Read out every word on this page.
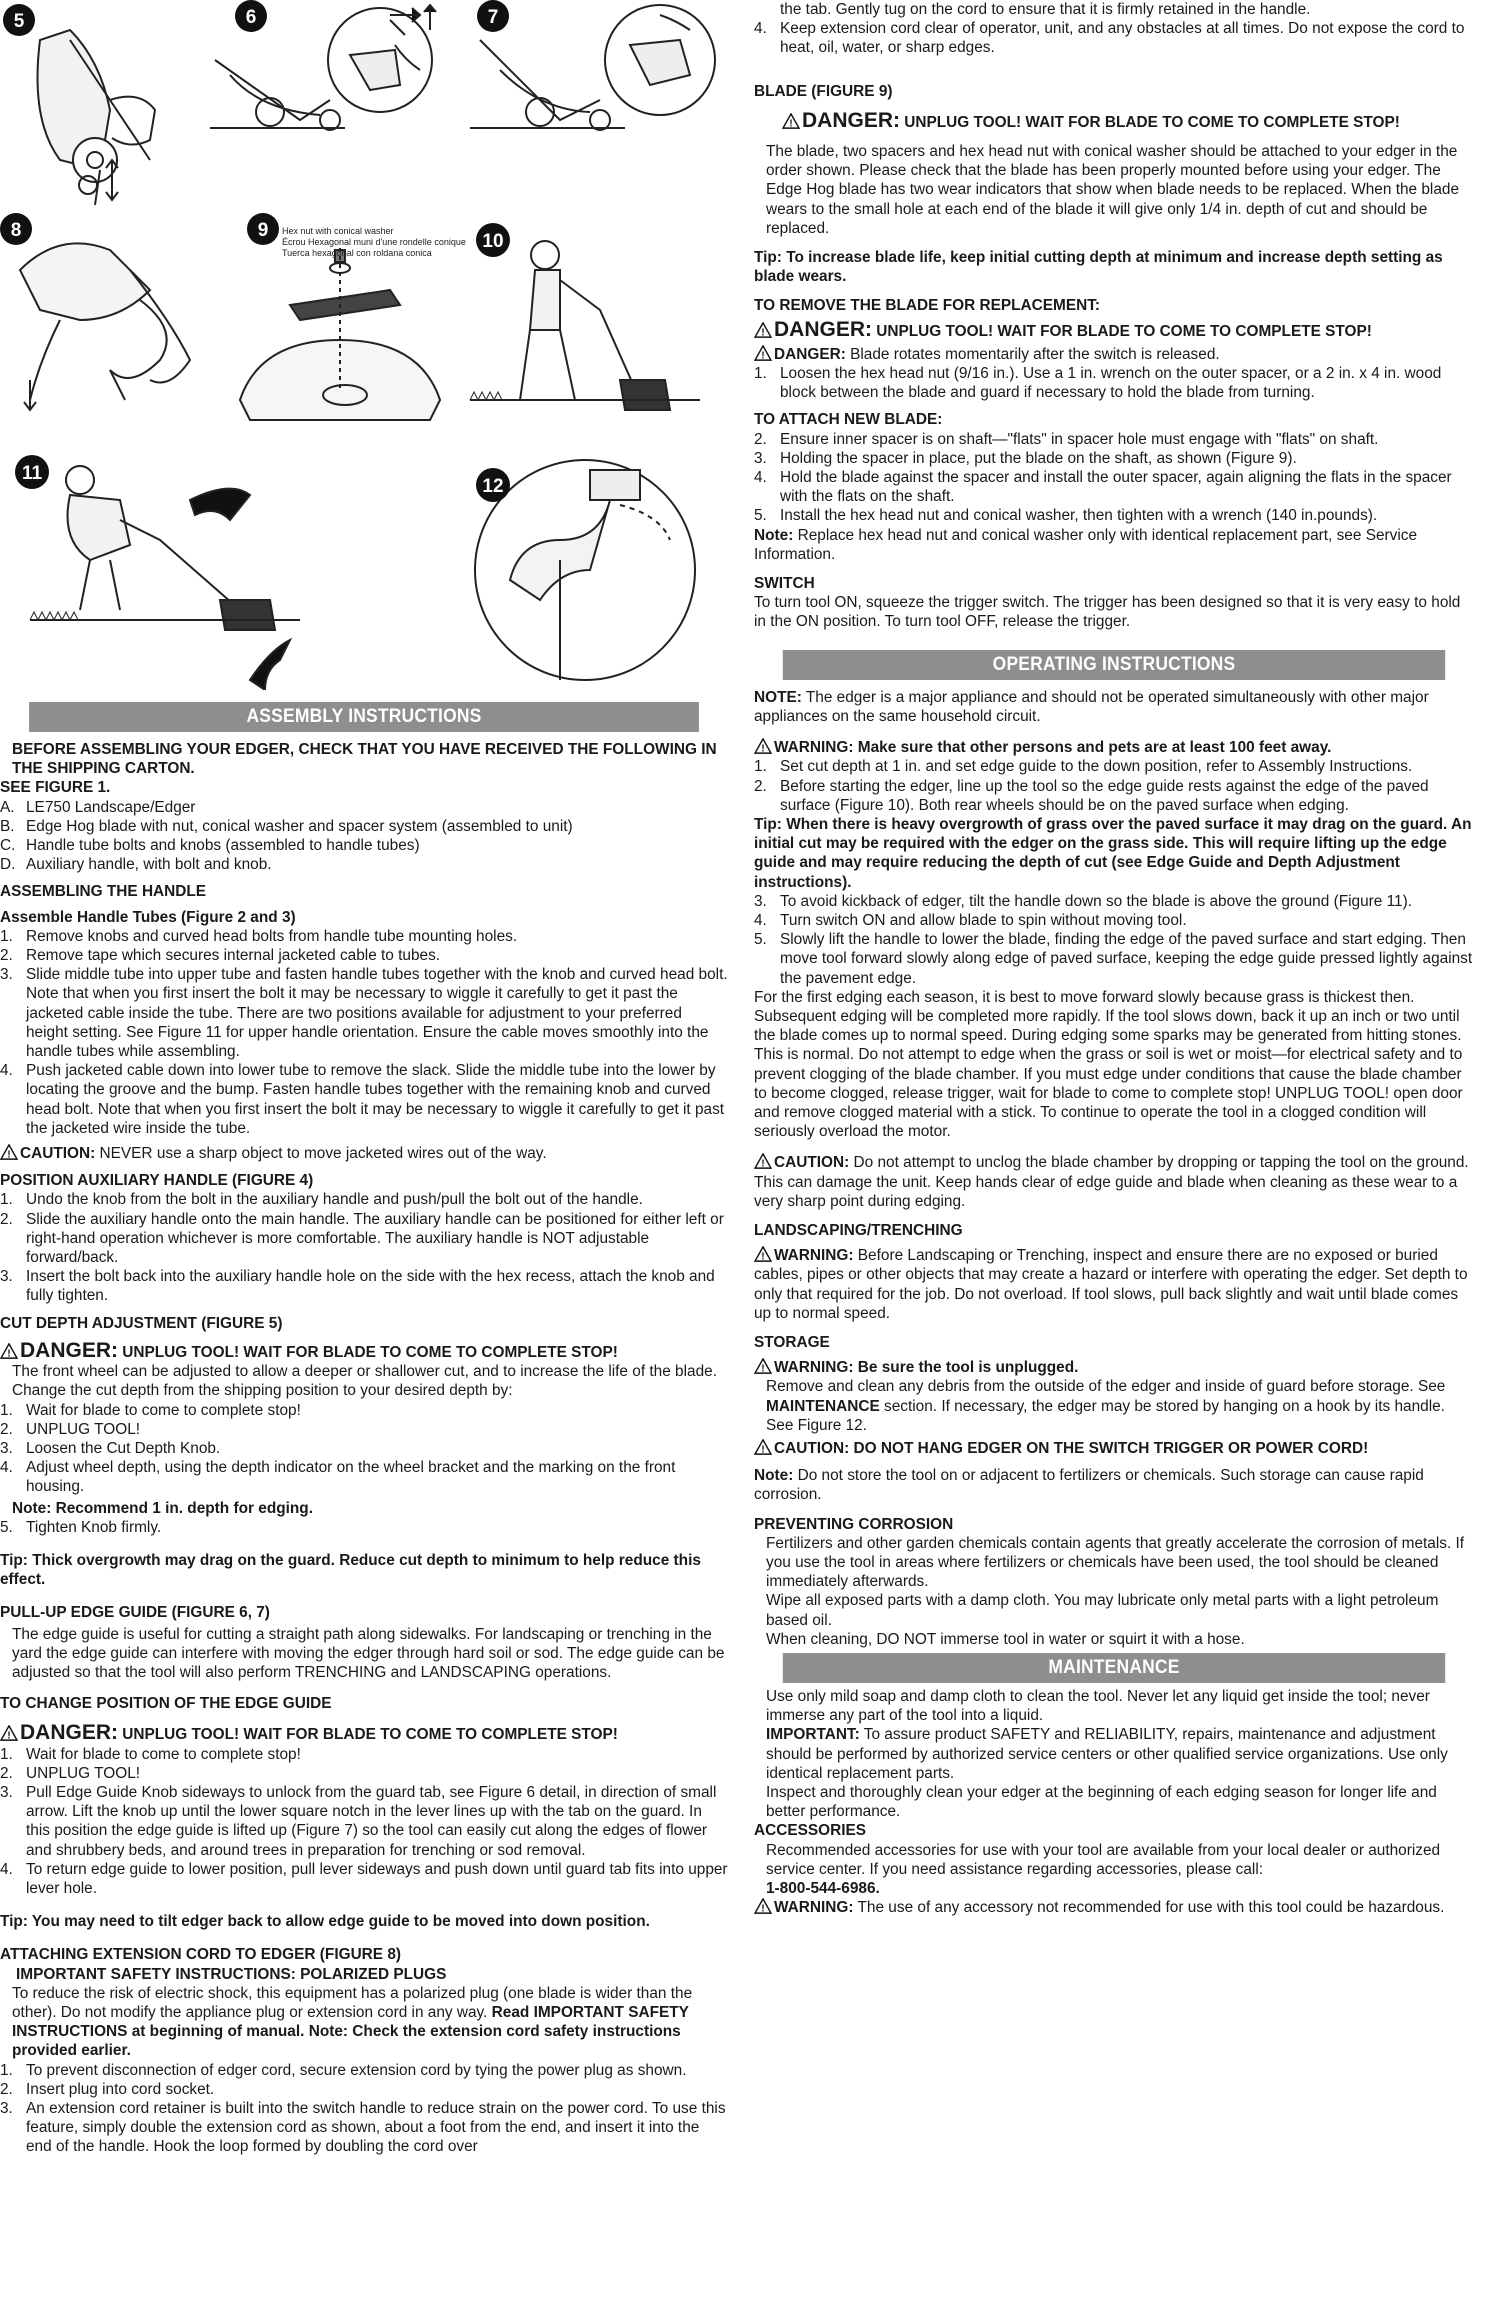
5	6	7
8	9
10
11
12
Hex nut with conical washer
Écrou Hexagonal muni d'une rondelle conique
Tuerca hexagonal con roldana conica
ASSEMBLY INSTRUCTIONS

BEFORE ASSEMBLING YOUR EDGER, CHECK THAT YOU HAVE RECEIVED THE FOLLOWING IN THE SHIPPING CARTON.

SEE FIGURE 1.

A. LE750 Landscape/Edger
B. Edge Hog blade with nut, conical washer and spacer system (assembled to unit)
C. Handle tube bolts and knobs (assembled to handle tubes)
D. Auxiliary handle, with bolt and knob.

ASSEMBLING THE HANDLE

Assemble Handle Tubes (Figure 2 and 3)

1. Remove knobs and curved head bolts from handle tube mounting holes.
2. Remove tape which secures internal jacketed cable to tubes.
3. Slide middle tube into upper tube and fasten handle tubes together with the knob and curved head bolt. Note that when you first insert the bolt it may be necessary to wiggle it carefully to get it past the jacketed cable inside the tube. There are two positions available for adjustment to your preferred height setting. See Figure 11 for upper handle orientation. Ensure the cable moves smoothly into the handle tubes while assembling.
4. Push jacketed cable down into lower tube to remove the slack. Slide the middle tube into the lower by locating the groove and the bump. Fasten handle tubes together with the remaining knob and curved head bolt. Note that when you first insert the bolt it may be necessary to wiggle it carefully to get it past the jacketed wire inside the tube.

CAUTION: NEVER use a sharp object to move jacketed wires out of the way.

POSITION AUXILIARY HANDLE (FIGURE 4)

1. Undo the knob from the bolt in the auxiliary handle and push/pull the bolt out of the handle.
2. Slide the auxiliary handle onto the main handle. The auxiliary handle can be positioned for either left or right-hand operation whichever is more comfortable. The auxiliary handle is NOT adjustable forward/back.
3. Insert the bolt back into the auxiliary handle hole on the side with the hex recess, attach the knob and fully tighten.

CUT DEPTH ADJUSTMENT (FIGURE 5)

DANGER: UNPLUG TOOL! WAIT FOR BLADE TO COME TO COMPLETE STOP!

The front wheel can be adjusted to allow a deeper or shallower cut, and to increase the life of the blade. Change the cut depth from the shipping position to your desired depth by:

1. Wait for blade to come to complete stop!
2. UNPLUG TOOL!
3. Loosen the Cut Depth Knob.
4. Adjust wheel depth, using the depth indicator on the wheel bracket and the marking on the front housing.

Note: Recommend 1 in. depth for edging.

5. Tighten Knob firmly.

Tip: Thick overgrowth may drag on the guard. Reduce cut depth to minimum to help reduce this effect.

PULL-UP EDGE GUIDE (FIGURE 6, 7)

The edge guide is useful for cutting a straight path along sidewalks. For landscaping or trenching in the yard the edge guide can interfere with moving the edger through hard soil or sod. The edge guide can be adjusted so that the tool will also perform TRENCHING and LANDSCAPING operations.

TO CHANGE POSITION OF THE EDGE GUIDE

DANGER: UNPLUG TOOL! WAIT FOR BLADE TO COME TO COMPLETE STOP!

1. Wait for blade to come to complete stop!
2. UNPLUG TOOL!
3. Pull Edge Guide Knob sideways to unlock from the guard tab, see Figure 6 detail, in direction of small arrow. Lift the knob up until the lower square notch in the lever lines up with the tab on the guard. In this position the edge guide is lifted up (Figure 7) so the tool can easily cut along the edges of flower and shrubbery beds, and around trees in preparation for trenching or sod removal.
4. To return edge guide to lower position, pull lever sideways and push down until guard tab fits into upper lever hole.

Tip: You may need to tilt edger back to allow edge guide to be moved into down position.

ATTACHING EXTENSION CORD TO EDGER (FIGURE 8)

IMPORTANT SAFETY INSTRUCTIONS: POLARIZED PLUGS

To reduce the risk of electric shock, this equipment has a polarized plug (one blade is wider than the other). Do not modify the appliance plug or extension cord in any way. Read IMPORTANT SAFETY INSTRUCTIONS at beginning of manual. Note: Check the extension cord safety instructions provided earlier.

1. To prevent disconnection of edger cord, secure extension cord by tying the power plug as shown.
2. Insert plug into cord socket.
3. An extension cord retainer is built into the switch handle to reduce strain on the power cord. To use this feature, simply double the extension cord as shown, about a foot from the end, and insert it into the end of the handle. Hook the loop formed by doubling the cord over

the tab. Gently tug on the cord to ensure that it is firmly retained in the handle.

4. Keep extension cord clear of operator, unit, and any obstacles at all times. Do not expose the cord to heat, oil, water, or sharp edges.

BLADE (FIGURE 9)

DANGER: UNPLUG TOOL! WAIT FOR BLADE TO COME TO COMPLETE STOP!

The blade, two spacers and hex head nut with conical washer should be attached to your edger in the order shown. Please check that the blade has been properly mounted before using your edger. The Edge Hog blade has two wear indicators that show when blade needs to be replaced. When the blade wears to the small hole at each end of the blade it will give only 1/4 in. depth of cut and should be replaced.

Tip: To increase blade life, keep initial cutting depth at minimum and increase depth setting as blade wears.

TO REMOVE THE BLADE FOR REPLACEMENT:

DANGER: UNPLUG TOOL! WAIT FOR BLADE TO COME TO COMPLETE STOP!

DANGER: Blade rotates momentarily after the switch is released.

1. Loosen the hex head nut (9/16 in.). Use a 1 in. wrench on the outer spacer, or a 2 in. x 4 in. wood block between the blade and guard if necessary to hold the blade from turning.

TO ATTACH NEW BLADE:

2. Ensure inner spacer is on shaft—"flats" in spacer hole must engage with "flats" on shaft.
3. Holding the spacer in place, put the blade on the shaft, as shown (Figure 9).
4. Hold the blade against the spacer and install the outer spacer, again aligning the flats in the spacer with the flats on the shaft.
5. Install the hex head nut and conical washer, then tighten with a wrench (140 in.pounds).

Note: Replace hex head nut and conical washer only with identical replacement part, see Service Information.

SWITCH

To turn tool ON, squeeze the trigger switch. The trigger has been designed so that it is very easy to hold in the ON position. To turn tool OFF, release the trigger.

OPERATING INSTRUCTIONS

NOTE: The edger is a major appliance and should not be operated simultaneously with other major appliances on the same household circuit.

WARNING: Make sure that other persons and pets are at least 100 feet away.

1. Set cut depth at 1 in. and set edge guide to the down position, refer to Assembly Instructions.
2. Before starting the edger, line up the tool so the edge guide rests against the edge of the paved surface (Figure 10). Both rear wheels should be on the paved surface when edging.

Tip: When there is heavy overgrowth of grass over the paved surface it may drag on the guard. An initial cut may be required with the edger on the grass side. This will require lifting up the edge guide and may require reducing the depth of cut (see Edge Guide and Depth Adjustment instructions).

3. To avoid kickback of edger, tilt the handle down so the blade is above the ground (Figure 11).
4. Turn switch ON and allow blade to spin without moving tool.
5. Slowly lift the handle to lower the blade, finding the edge of the paved surface and start edging. Then move tool forward slowly along edge of paved surface, keeping the edge guide pressed lightly against the pavement edge.

For the first edging each season, it is best to move forward slowly because grass is thickest then. Subsequent edging will be completed more rapidly. If the tool slows down, back it up an inch or two until the blade comes up to normal speed. During edging some sparks may be generated from hitting stones. This is normal. Do not attempt to edge when the grass or soil is wet or moist—for electrical safety and to prevent clogging of the blade chamber. If you must edge under conditions that cause the blade chamber to become clogged, release trigger, wait for blade to come to complete stop! UNPLUG TOOL! open door and remove clogged material with a stick. To continue to operate the tool in a clogged condition will seriously overload the motor.

CAUTION: Do not attempt to unclog the blade chamber by dropping or tapping the tool on the ground. This can damage the unit. Keep hands clear of edge guide and blade when cleaning as these wear to a very sharp point during edging.

LANDSCAPING/TRENCHING

WARNING: Before Landscaping or Trenching, inspect and ensure there are no exposed or buried cables, pipes or other objects that may create a hazard or interfere with operating the edger. Set depth to only that required for the job. Do not overload. If tool slows, pull back slightly and wait until blade comes up to normal speed.

STORAGE

WARNING: Be sure the tool is unplugged.

Remove and clean any debris from the outside of the edger and inside of guard before storage. See MAINTENANCE section. If necessary, the edger may be stored by hanging on a hook by its handle. See Figure 12.

CAUTION: DO NOT HANG EDGER ON THE SWITCH TRIGGER OR POWER CORD!

Note: Do not store the tool on or adjacent to fertilizers or chemicals. Such storage can cause rapid corrosion.

PREVENTING CORROSION

Fertilizers and other garden chemicals contain agents that greatly accelerate the corrosion of metals. If you use the tool in areas where fertilizers or chemicals have been used, the tool should be cleaned immediately afterwards.

Wipe all exposed parts with a damp cloth. You may lubricate only metal parts with a light petroleum based oil.

When cleaning, DO NOT immerse tool in water or squirt it with a hose.

MAINTENANCE

Use only mild soap and damp cloth to clean the tool. Never let any liquid get inside the tool; never immerse any part of the tool into a liquid.

IMPORTANT: To assure product SAFETY and RELIABILITY, repairs, maintenance and adjustment should be performed by authorized service centers or other qualified service organizations. Use only identical replacement parts.

Inspect and thoroughly clean your edger at the beginning of each edging season for longer life and better performance.

ACCESSORIES

Recommended accessories for use with your tool are available from your local dealer or authorized service center. If you need assistance regarding accessories, please call:

1-800-544-6986.

WARNING: The use of any accessory not recommended for use with this tool could be hazardous.
